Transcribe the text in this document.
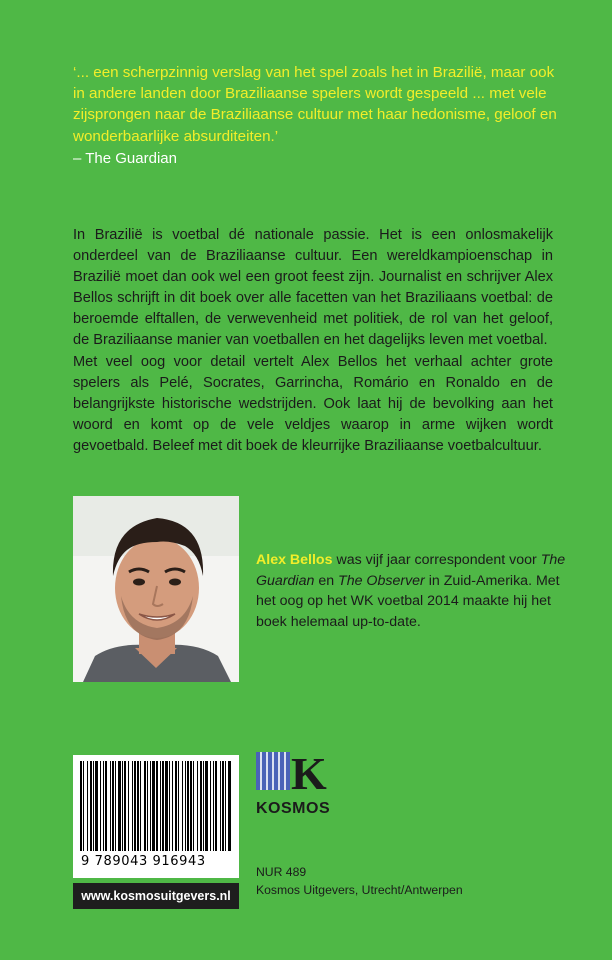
‘... een scherpzinnig verslag van het spel zoals het in Brazilië, maar ook in andere landen door Braziliaanse spelers wordt gespeeld ... met vele zijsprongen naar de Braziliaanse cultuur met haar hedonisme, geloof en wonderbaarlijke absurditeiten.’

– The Guardian

In Brazilië is voetbal dé nationale passie. Het is een onlosmakelijk onderdeel van de Braziliaanse cultuur. Een wereldkampioenschap in Brazilië moet dan ook wel een groot feest zijn. Journalist en schrijver Alex Bellos schrijft in dit boek over alle facetten van het Braziliaans voetbal: de beroemde elftallen, de verwevenheid met politiek, de rol van het geloof, de Braziliaanse manier van voetballen en het dagelijks leven met voetbal.

Met veel oog voor detail vertelt Alex Bellos het verhaal achter grote spelers als Pelé, Socrates, Garrincha, Romário en Ronaldo en de belangrijkste historische wedstrijden. Ook laat hij de bevolking aan het woord en komt op de vele veldjes waarop in arme wijken wordt gevoetbald. Beleef met dit boek de kleurrijke Braziliaanse voetbalcultuur.

Alex Bellos was vijf jaar correspondent voor The Guardian en The Observer in Zuid-Amerika. Met het oog op het WK voetbal 2014 maakte hij het boek helemaal up-to-date.
9 789043 916943
www.kosmosuitgevers.nl
K
KOSMOS
NUR 489
Kosmos Uitgevers, Utrecht/Antwerpen
